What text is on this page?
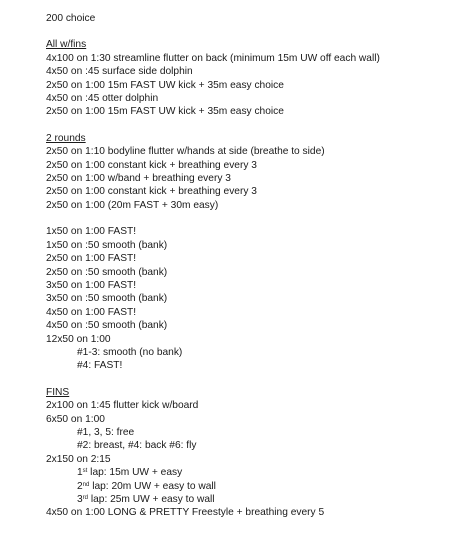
200 choice
All w/fins
4x100 on 1:30 streamline flutter on back (minimum 15m UW off each wall)
4x50 on :45 surface side dolphin
2x50 on 1:00 15m FAST UW kick + 35m easy choice
4x50 on :45 otter dolphin
2x50 on 1:00 15m FAST UW kick + 35m easy choice
2 rounds
2x50 on 1:10 bodyline flutter w/hands at side (breathe to side)
2x50 on 1:00 constant kick + breathing every 3
2x50 on 1:00 w/band + breathing every 3
2x50 on 1:00 constant kick + breathing every 3
2x50 on 1:00 (20m FAST + 30m easy)
1x50 on 1:00 FAST!
1x50 on :50 smooth (bank)
2x50 on 1:00 FAST!
2x50 on :50 smooth (bank)
3x50 on 1:00 FAST!
3x50 on :50 smooth (bank)
4x50 on 1:00 FAST!
4x50 on :50 smooth (bank)
12x50 on 1:00
#1-3: smooth (no bank)
#4: FAST!
FINS
2x100 on 1:45 flutter kick w/board
6x50 on 1:00
#1, 3, 5: free
#2: breast, #4: back #6: fly
2x150 on 2:15
1st lap: 15m UW + easy
2nd lap: 20m UW + easy to wall
3rd lap: 25m UW + easy to wall
4x50 on 1:00 LONG & PRETTY Freestyle + breathing every 5
